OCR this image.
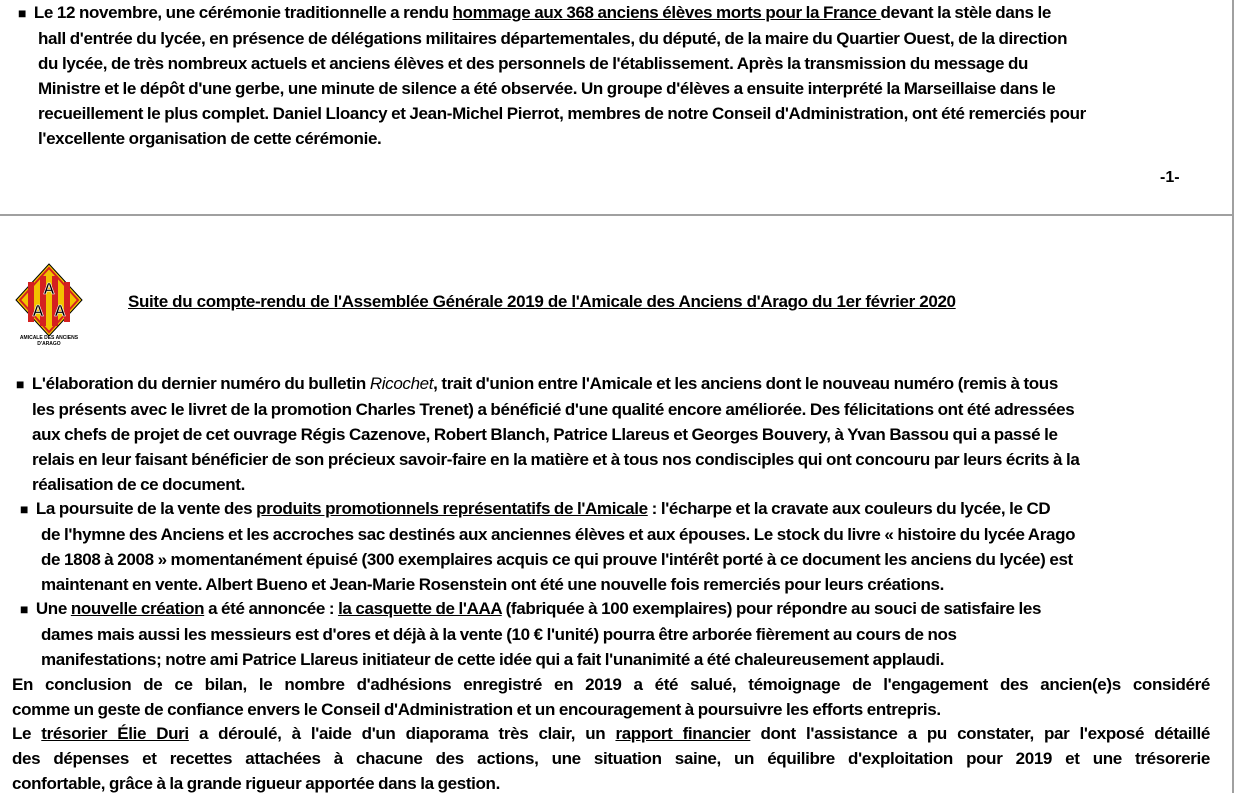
■ Le 12 novembre, une cérémonie traditionnelle a rendu hommage aux 368 anciens élèves morts pour la France devant la stèle dans le
hall d'entrée du lycée, en présence de délégations militaires départementales, du député, de la maire du Quartier Ouest, de la direction
du lycée, de très nombreux actuels et anciens élèves et des personnels de l'établissement. Après la transmission du message du
Ministre et le dépôt d'une gerbe, une minute de silence a été observée. Un groupe d'élèves a ensuite interprété la Marseillaise dans le
recueillement le plus complet. Daniel Lloancy et Jean-Michel Pierrot, membres de notre Conseil d'Administration, ont été remerciés pour
l'excellente organisation de cette cérémonie.
-1-
A
A A
AMICALE DES ANCIENS D'ARAGO
Suite du compte-rendu de l'Assemblée Générale 2019 de l'Amicale des Anciens d'Arago du 1er février 2020
■ L'élaboration du dernier numéro du bulletin Ricochet, trait d'union entre l'Amicale et les anciens dont le nouveau numéro (remis à tous
les présents avec le livret de la promotion Charles Trenet) a bénéficié d'une qualité encore améliorée. Des félicitations ont été adressées
aux chefs de projet de cet ouvrage Régis Cazenove, Robert Blanch, Patrice Llareus et Georges Bouvery, à Yvan Bassou qui a passé le
relais en leur faisant bénéficier de son précieux savoir-faire en la matière et à tous nos condisciples qui ont concouru par leurs écrits à la
réalisation de ce document.
■ La poursuite de la vente des produits promotionnels représentatifs de l'Amicale : l'écharpe et la cravate aux couleurs du lycée, le CD
de l'hymne des Anciens et les accroches sac destinés aux anciennes élèves et aux épouses. Le stock du livre « histoire du lycée Arago
de 1808 à 2008 » momentanément épuisé (300 exemplaires acquis ce qui prouve l'intérêt porté à ce document les anciens du lycée) est
maintenant en vente. Albert Bueno et Jean-Marie Rosenstein ont été une nouvelle fois remerciés pour leurs créations.
■ Une nouvelle création a été annoncée : la casquette de l'AAA (fabriquée à 100 exemplaires) pour répondre au souci de satisfaire les
dames mais aussi les messieurs est d'ores et déjà à la vente (10 € l'unité) pourra être arborée fièrement au cours de nos
manifestations; notre ami Patrice Llareus initiateur de cette idée qui a fait l'unanimité a été chaleureusement applaudi.
En conclusion de ce bilan, le nombre d'adhésions enregistré en 2019 a été salué, témoignage de l'engagement des ancien(e)s considéré
comme un geste de confiance envers le Conseil d'Administration et un encouragement à poursuivre les efforts entrepris.
Le trésorier Élie Duri a déroulé, à l'aide d'un diaporama très clair, un rapport financier dont l'assistance a pu constater, par l'exposé détaillé
des dépenses et recettes attachées à chacune des actions, une situation saine, un équilibre d'exploitation pour 2019 et une trésorerie
confortable, grâce à la grande rigueur apportée dans la gestion.
